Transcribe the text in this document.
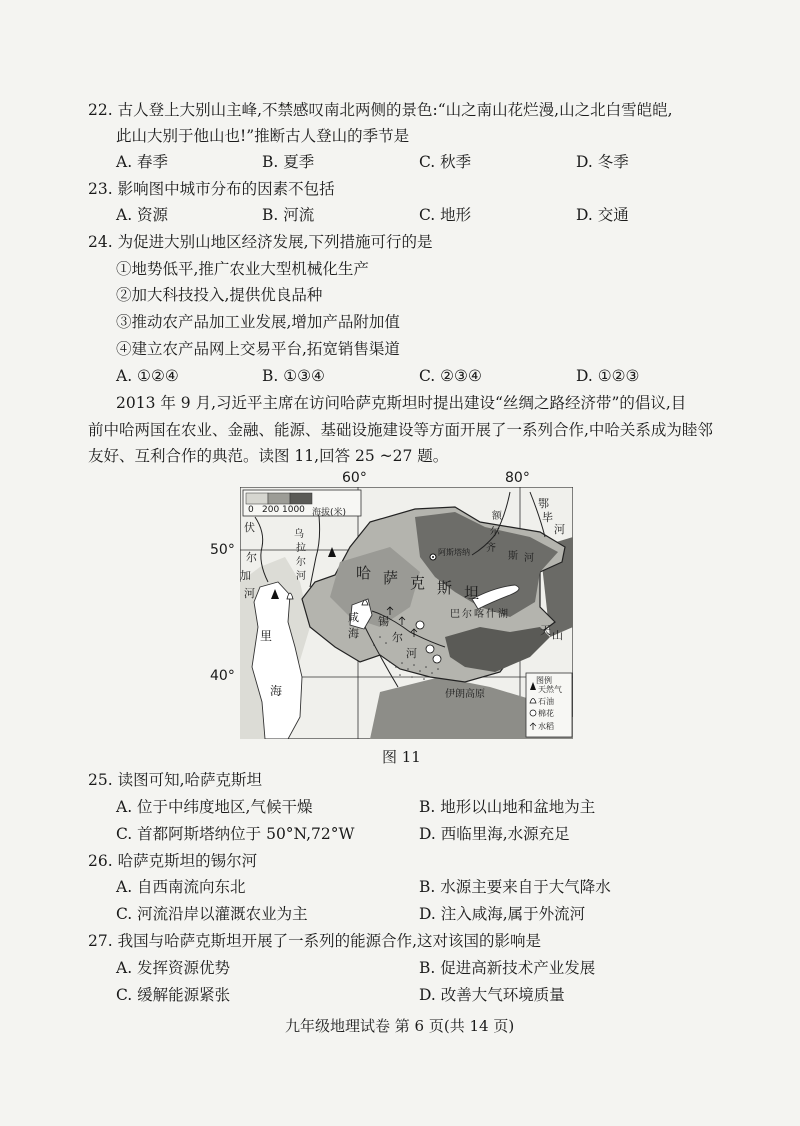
22. 古人登上大别山主峰,不禁感叹南北两侧的景色:“山之南山花烂漫,山之北白雪皑皑,
此山大别于他山也!”推断古人登山的季节是
A. 春季	B. 夏季	C. 秋季	D. 冬季
23. 影响图中城市分布的因素不包括
A. 资源	B. 河流	C. 地形	D. 交通
24. 为促进大别山地区经济发展,下列措施可行的是
①地势低平,推广农业大型机械化生产
②加大科技投入,提供优良品种
③推动农产品加工业发展,增加产品附加值
④建立农产品网上交易平台,拓宽销售渠道
A. ①②④	B. ①③④	C. ②③④	D. ①②③
2013 年 9 月,习近平主席在访问哈萨克斯坦时提出建设“丝绸之路经济带”的倡议,目
前中哈两国在农业、金融、能源、基础设施建设等方面开展了一系列合作,中哈关系成为睦邻
友好、互利合作的典范。读图 11,回答 25 ~27 题。
0 200 1000 海拔(米)
阿斯塔纳
哈 萨 克 斯 坦
伏
尔
加
河
里
海
咸
海
锡
尔
河
额
尔
齐
斯 河
鄂
毕
河
巴 尔 喀 什 湖
乌
拉
尔
河
天 山
伊朗高原
图例
天然气
石油
棉花
水稻
60°	80°
50°
40°
图 11
25. 读图可知,哈萨克斯坦
A. 位于中纬度地区,气候干燥	B. 地形以山地和盆地为主
C. 首都阿斯塔纳位于 50°N,72°W	D. 西临里海,水源充足
26. 哈萨克斯坦的锡尔河
A. 自西南流向东北	B. 水源主要来自于大气降水
C. 河流沿岸以灌溉农业为主	D. 注入咸海,属于外流河
27. 我国与哈萨克斯坦开展了一系列的能源合作,这对该国的影响是
A. 发挥资源优势	B. 促进高新技术产业发展
C. 缓解能源紧张	D. 改善大气环境质量
九年级地理试卷 第 6 页(共 14 页)
